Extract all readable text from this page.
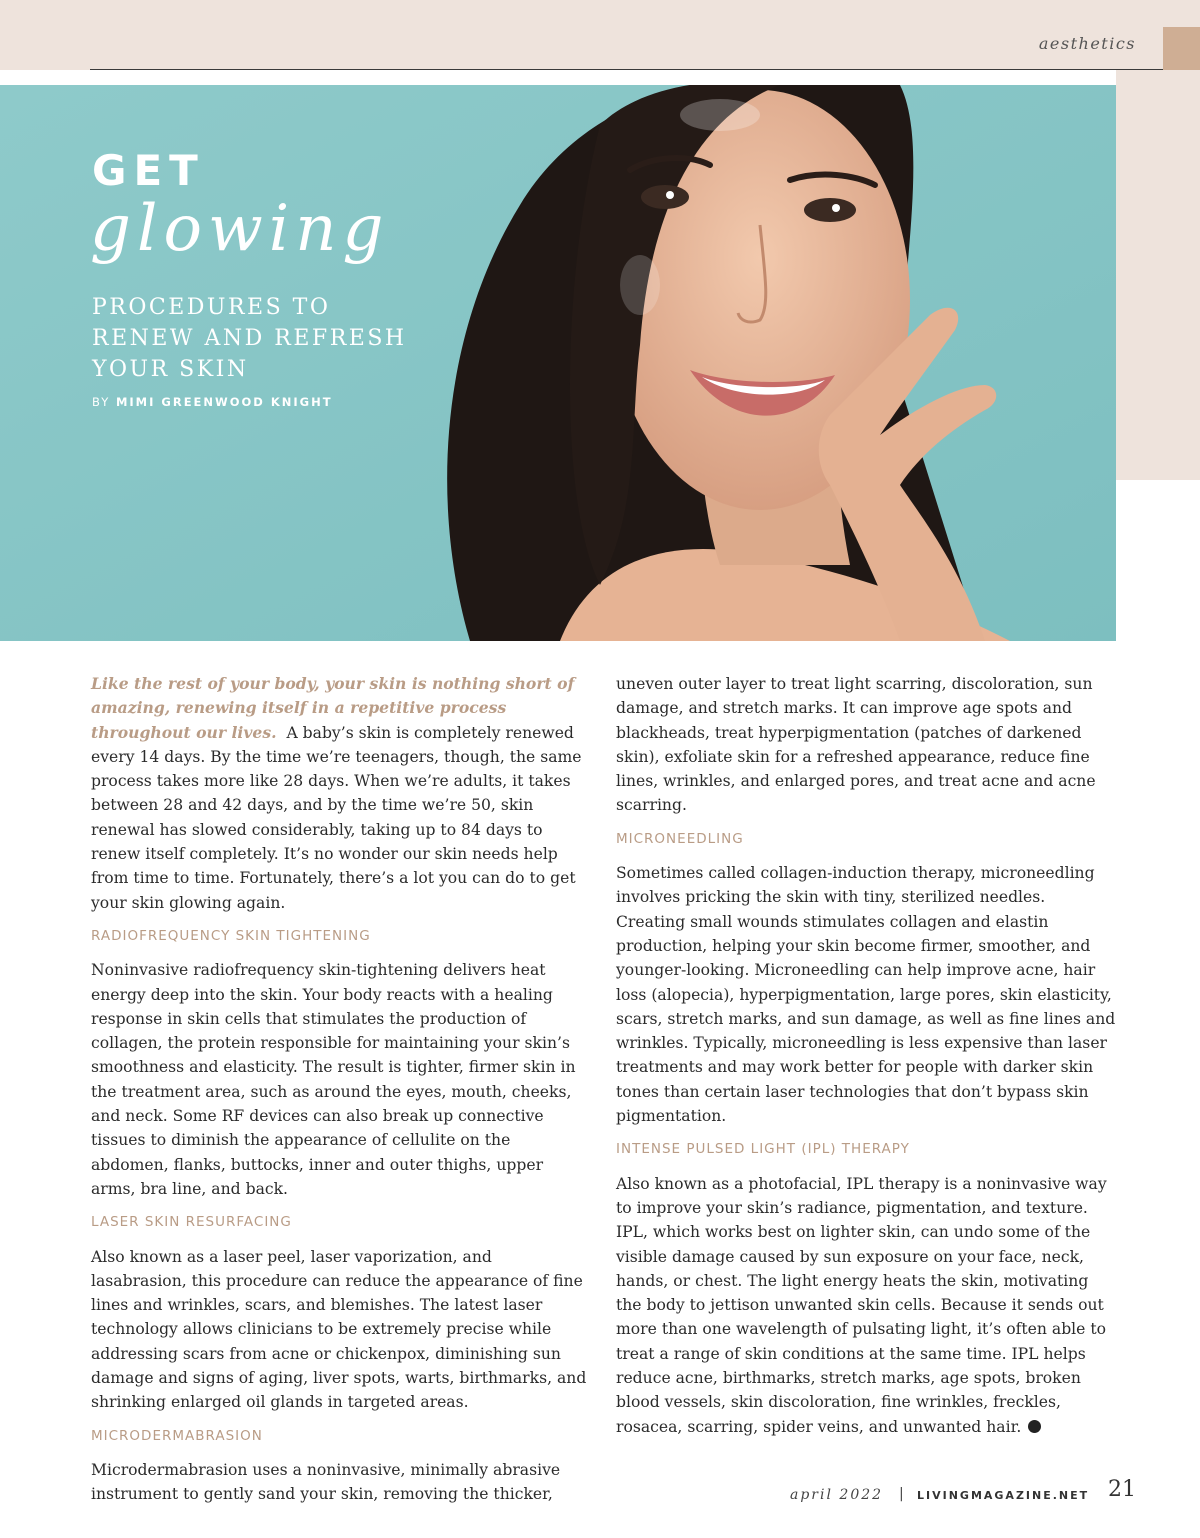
aesthetics
GET
glowing
PROCEDURES TO RENEW AND REFRESH YOUR SKIN
BY MIMI GREENWOOD KNIGHT

Like the rest of your body, your skin is nothing short of amazing, renewing itself in a repetitive process throughout our lives. A baby’s skin is completely renewed every 14 days. By the time we’re teenagers, though, the same process takes more like 28 days. When we’re adults, it takes between 28 and 42 days, and by the time we’re 50, skin renewal has slowed considerably, taking up to 84 days to renew itself completely. It’s no wonder our skin needs help from time to time. Fortunately, there’s a lot you can do to get your skin glowing again.

RADIOFREQUENCY SKIN TIGHTENING

Noninvasive radiofrequency skin-tightening delivers heat energy deep into the skin. Your body reacts with a healing response in skin cells that stimulates the production of collagen, the protein responsible for maintaining your skin’s smoothness and elasticity. The result is tighter, firmer skin in the treatment area, such as around the eyes, mouth, cheeks, and neck. Some RF devices can also break up connective tissues to diminish the appearance of cellulite on the abdomen, flanks, buttocks, inner and outer thighs, upper arms, bra line, and back.

LASER SKIN RESURFACING

Also known as a laser peel, laser vaporization, and lasabrasion, this procedure can reduce the appearance of fine lines and wrinkles, scars, and blemishes. The latest laser technology allows clinicians to be extremely precise while addressing scars from acne or chickenpox, diminishing sun damage and signs of aging, liver spots, warts, birthmarks, and shrinking enlarged oil glands in targeted areas.

MICRODERMABRASION

Microdermabrasion uses a noninvasive, minimally abrasive instrument to gently sand your skin, removing the thicker,

uneven outer layer to treat light scarring, discoloration, sun damage, and stretch marks. It can improve age spots and blackheads, treat hyperpigmentation (patches of darkened skin), exfoliate skin for a refreshed appearance, reduce fine lines, wrinkles, and enlarged pores, and treat acne and acne scarring.

MICRONEEDLING

Sometimes called collagen-induction therapy, microneedling involves pricking the skin with tiny, sterilized needles. Creating small wounds stimulates collagen and elastin production, helping your skin become firmer, smoother, and younger-looking. Microneedling can help improve acne, hair loss (alopecia), hyperpigmentation, large pores, skin elasticity, scars, stretch marks, and sun damage, as well as fine lines and wrinkles. Typically, microneedling is less expensive than laser treatments and may work better for people with darker skin tones than certain laser technologies that don’t bypass skin pigmentation.

INTENSE PULSED LIGHT (IPL) THERAPY

Also known as a photofacial, IPL therapy is a noninvasive way to improve your skin’s radiance, pigmentation, and texture. IPL, which works best on lighter skin, can undo some of the visible damage caused by sun exposure on your face, neck, hands, or chest. The light energy heats the skin, motivating the body to jettison unwanted skin cells. Because it sends out more than one wavelength of pulsating light, it’s often able to treat a range of skin conditions at the same time. IPL helps reduce acne, birthmarks, stretch marks, age spots, broken blood vessels, skin discoloration, fine wrinkles, freckles, rosacea, scarring, spider veins, and unwanted hair.

april 2022 | LIVINGMAGAZINE.NET 21
